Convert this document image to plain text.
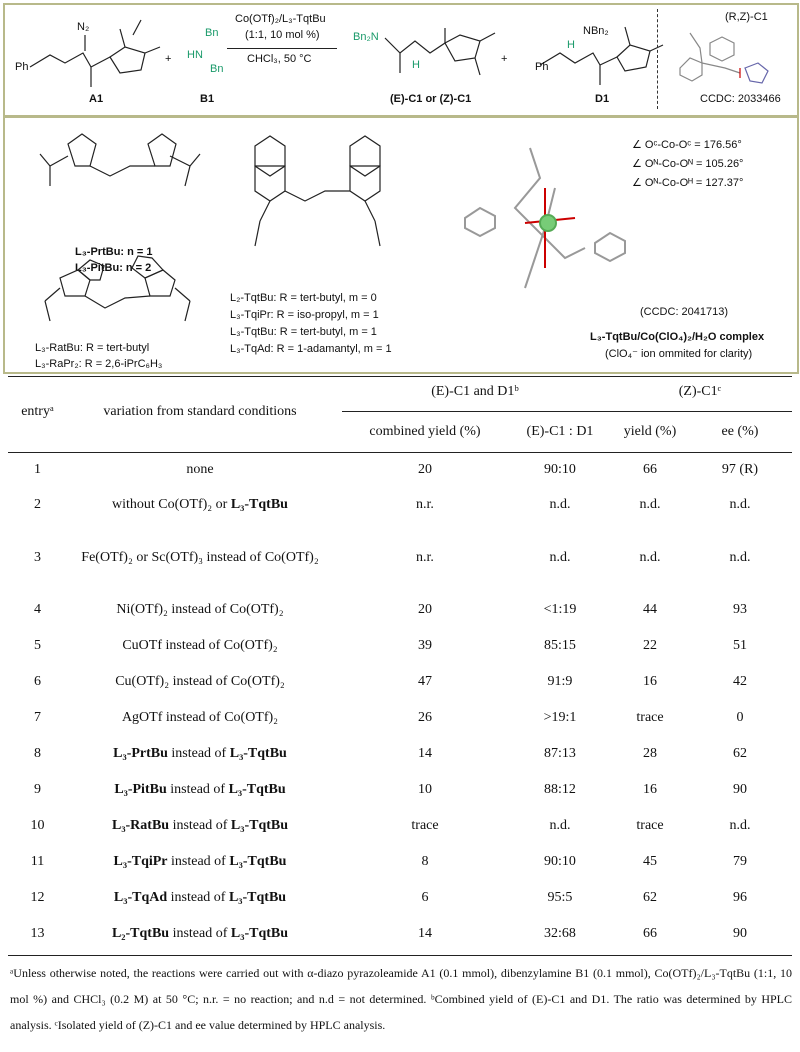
Ph
N₂
A1
+
Bn
HN
Bn
B1
Co(OTf)₂/L₃-TqtBu
(1:1, 10 mol %)
CHCl₃, 50 °C
Bn₂N
H
(E)-C1 or (Z)-C1
+
Ph
H
NBn₂
D1
(R,Z)-C1
CCDC: 2033466
L₃-PrtBu: n = 1
L₃-PitBu: n = 2
L₃-RatBu: R = tert-butyl
L₃-RaPr₂: R = 2,6-iPrC₆H₃
L₂-TqtBu: R = tert-butyl, m = 0
L₃-TqiPr: R = iso-propyl, m = 1
L₃-TqtBu: R = tert-butyl, m = 1
L₃-TqAd: R = 1-adamantyl, m = 1
∠ Oᶜ-Co-Oᶜ = 176.56°
∠ Oᴺ-Co-Oᴺ = 105.26°
∠ Oᴺ-Co-Oᴴ = 127.37°
(CCDC: 2041713)
L₃-TqtBu/Co(ClO₄)₂/H₂O complex
(ClO₄⁻ ion ommited for clarity)
entryᵃ	variation from standard conditions
(E)-C1 and D1ᵇ	(Z)-C1ᶜ
combined yield (%)	(E)-C1 : D1	yield (%)	ee (%)
1	none	20	90:10	66	97 (R)
2	without Co(OTf)₂ or L₃-TqtBu	n.r.	n.d.	n.d.	n.d.
3	Fe(OTf)₂ or Sc(OTf)₃ instead of Co(OTf)₂	n.r.	n.d.	n.d.	n.d.
4	Ni(OTf)₂ instead of Co(OTf)₂	20	<1:19	44	93
5	CuOTf instead of Co(OTf)₂	39	85:15	22	51
6	Cu(OTf)₂ instead of Co(OTf)₂	47	91:9	16	42
7	AgOTf instead of Co(OTf)₂	26	>19:1	trace	0
8	L₃-PrtBu instead of L₃-TqtBu	14	87:13	28	62
9	L₃-PitBu instead of L₃-TqtBu	10	88:12	16	90
10	L₃-RatBu instead of L₃-TqtBu	trace	n.d.	trace	n.d.
11	L₃-TqiPr instead of L₃-TqtBu	8	90:10	45	79
12	L₃-TqAd instead of L₃-TqtBu	6	95:5	62	96
13	L₂-TqtBu instead of L₃-TqtBu	14	32:68	66	90
ᵃUnless otherwise noted, the reactions were carried out with α-diazo pyrazoleamide A1 (0.1 mmol), dibenzylamine B1 (0.1 mmol), Co(OTf)₂/L₃-TqtBu (1:1, 10 mol %) and CHCl₃ (0.2 M) at 50 °C; n.r. = no reaction; and n.d = not determined. ᵇCombined yield of (E)-C1 and D1. The ratio was determined by HPLC analysis. ᶜIsolated yield of (Z)-C1 and ee value determined by HPLC analysis.
